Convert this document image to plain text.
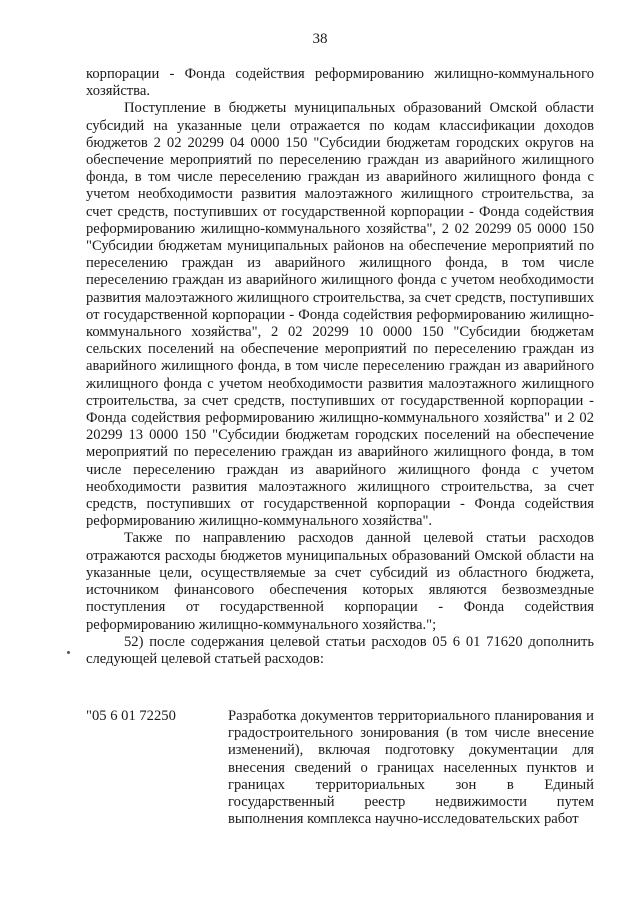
38

корпорации - Фонда содействия реформированию жилищно-коммунального хозяйства.

Поступление в бюджеты муниципальных образований Омской области субсидий на указанные цели отражается по кодам классификации доходов бюджетов 2 02 20299 04 0000 150 "Субсидии бюджетам городских округов на обеспечение мероприятий по переселению граждан из аварийного жилищного фонда, в том числе переселению граждан из аварийного жилищного фонда с учетом необходимости развития малоэтажного жилищного строительства, за счет средств, поступивших от государственной корпорации - Фонда содействия реформированию жилищно-коммунального хозяйства", 2 02 20299 05 0000 150 "Субсидии бюджетам муниципальных районов на обеспечение мероприятий по переселению граждан из аварийного жилищного фонда, в том числе переселению граждан из аварийного жилищного фонда с учетом необходимости развития малоэтажного жилищного строительства, за счет средств, поступивших от государственной корпорации - Фонда содействия реформированию жилищно-коммунального хозяйства", 2 02 20299 10 0000 150 "Субсидии бюджетам сельских поселений на обеспечение мероприятий по переселению граждан из аварийного жилищного фонда, в том числе переселению граждан из аварийного жилищного фонда с учетом необходимости развития малоэтажного жилищного строительства, за счет средств, поступивших от государственной корпорации - Фонда содействия реформированию жилищно-коммунального хозяйства" и 2 02 20299 13 0000 150 "Субсидии бюджетам городских поселений на обеспечение мероприятий по переселению граждан из аварийного жилищного фонда, в том числе переселению граждан из аварийного жилищного фонда с учетом необходимости развития малоэтажного жилищного строительства, за счет средств, поступивших от государственной корпорации - Фонда содействия реформированию жилищно-коммунального хозяйства".

Также по направлению расходов данной целевой статьи расходов отражаются расходы бюджетов муниципальных образований Омской области на указанные цели, осуществляемые за счет субсидий из областного бюджета, источником финансового обеспечения которых являются безвозмездные поступления от государственной корпорации - Фонда содействия реформированию жилищно-коммунального хозяйства.";

52) после содержания целевой статьи расходов 05 6 01 71620 дополнить следующей целевой статьей расходов:

"05 6 01 72250	Разработка документов территориального планирования и градостроительного зонирования (в том числе внесение изменений), включая подготовку документации для внесения сведений о границах населенных пунктов и границах территориальных зон в Единый государственный реестр недвижимости путем выполнения комплекса научно-исследовательских работ
